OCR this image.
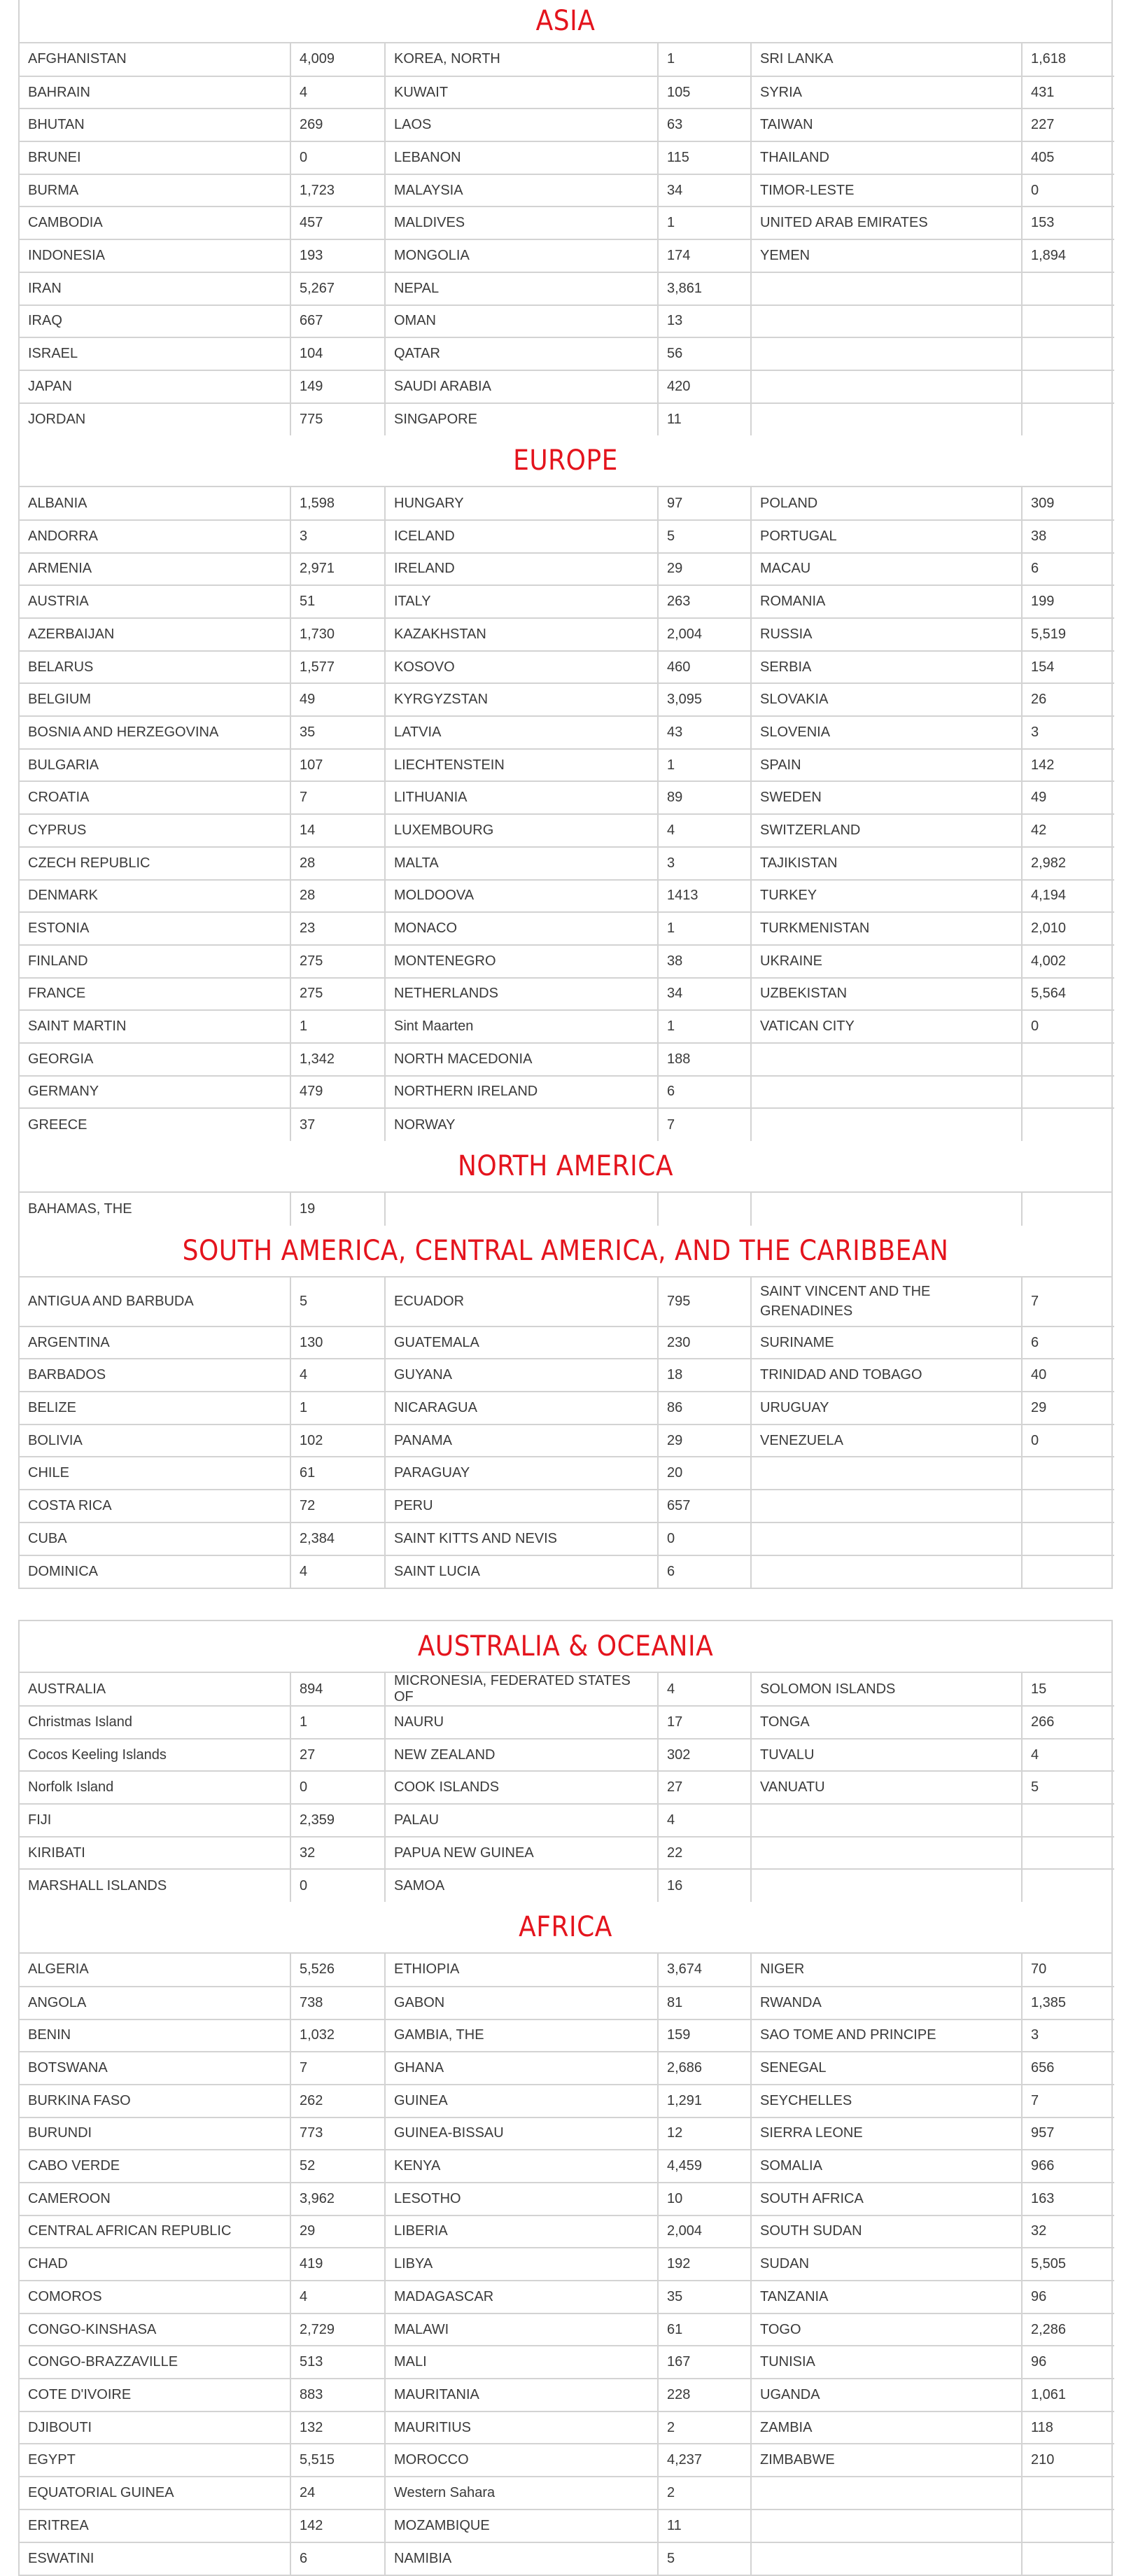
ASIA
AFGHANISTAN	4,009	KOREA, NORTH	1	SRI LANKA	1,618
BAHRAIN	4	KUWAIT	105	SYRIA	431
BHUTAN	269	LAOS	63	TAIWAN	227
BRUNEI	0	LEBANON	115	THAILAND	405
BURMA	1,723	MALAYSIA	34	TIMOR-LESTE	0
CAMBODIA	457	MALDIVES	1	UNITED ARAB EMIRATES	153
INDONESIA	193	MONGOLIA	174	YEMEN	1,894
IRAN	5,267	NEPAL	3,861		
IRAQ	667	OMAN	13		
ISRAEL	104	QATAR	56		
JAPAN	149	SAUDI ARABIA	420		
JORDAN	775	SINGAPORE	11		
EUROPE
ALBANIA	1,598	HUNGARY	97	POLAND	309
ANDORRA	3	ICELAND	5	PORTUGAL	38
ARMENIA	2,971	IRELAND	29	MACAU	6
AUSTRIA	51	ITALY	263	ROMANIA	199
AZERBAIJAN	1,730	KAZAKHSTAN	2,004	RUSSIA	5,519
BELARUS	1,577	KOSOVO	460	SERBIA	154
BELGIUM	49	KYRGYZSTAN	3,095	SLOVAKIA	26
BOSNIA AND HERZEGOVINA	35	LATVIA	43	SLOVENIA	3
BULGARIA	107	LIECHTENSTEIN	1	SPAIN	142
CROATIA	7	LITHUANIA	89	SWEDEN	49
CYPRUS	14	LUXEMBOURG	4	SWITZERLAND	42
CZECH REPUBLIC	28	MALTA	3	TAJIKISTAN	2,982
DENMARK	28	MOLDOOVA	1413	TURKEY	4,194
ESTONIA	23	MONACO	1	TURKMENISTAN	2,010
FINLAND	275	MONTENEGRO	38	UKRAINE	4,002
FRANCE	275	NETHERLANDS	34	UZBEKISTAN	5,564
SAINT MARTIN	1	Sint Maarten	1	VATICAN CITY	0
GEORGIA	1,342	NORTH MACEDONIA	188		
GERMANY	479	NORTHERN IRELAND	6		
GREECE	37	NORWAY	7		
NORTH AMERICA
BAHAMAS, THE	19				
SOUTH AMERICA, CENTRAL AMERICA, AND THE CARIBBEAN
ANTIGUA AND BARBUDA	5	ECUADOR	795	SAINT VINCENT AND THE GRENADINES	7
ARGENTINA	130	GUATEMALA	230	SURINAME	6
BARBADOS	4	GUYANA	18	TRINIDAD AND TOBAGO	40
BELIZE	1	NICARAGUA	86	URUGUAY	29
BOLIVIA	102	PANAMA	29	VENEZUELA	0
CHILE	61	PARAGUAY	20		
COSTA RICA	72	PERU	657		
CUBA	2,384	SAINT KITTS AND NEVIS	0		
DOMINICA	4	SAINT LUCIA	6		
AUSTRALIA & OCEANIA
AUSTRALIA	894	MICRONESIA, FEDERATED STATES OF	4	SOLOMON ISLANDS	15
Christmas Island	1	NAURU	17	TONGA	266
Cocos Keeling Islands	27	NEW ZEALAND	302	TUVALU	4
Norfolk Island	0	COOK ISLANDS	27	VANUATU	5
FIJI	2,359	PALAU	4		
KIRIBATI	32	PAPUA NEW GUINEA	22		
MARSHALL ISLANDS	0	SAMOA	16		
AFRICA
ALGERIA	5,526	ETHIOPIA	3,674	NIGER	70
ANGOLA	738	GABON	81	RWANDA	1,385
BENIN	1,032	GAMBIA, THE	159	SAO TOME AND PRINCIPE	3
BOTSWANA	7	GHANA	2,686	SENEGAL	656
BURKINA FASO	262	GUINEA	1,291	SEYCHELLES	7
BURUNDI	773	GUINEA-BISSAU	12	SIERRA LEONE	957
CABO VERDE	52	KENYA	4,459	SOMALIA	966
CAMEROON	3,962	LESOTHO	10	SOUTH AFRICA	163
CENTRAL AFRICAN REPUBLIC	29	LIBERIA	2,004	SOUTH SUDAN	32
CHAD	419	LIBYA	192	SUDAN	5,505
COMOROS	4	MADAGASCAR	35	TANZANIA	96
CONGO-KINSHASA	2,729	MALAWI	61	TOGO	2,286
CONGO-BRAZZAVILLE	513	MALI	167	TUNISIA	96
COTE D'IVOIRE	883	MAURITANIA	228	UGANDA	1,061
DJIBOUTI	132	MAURITIUS	2	ZAMBIA	118
EGYPT	5,515	MOROCCO	4,237	ZIMBABWE	210
EQUATORIAL GUINEA	24	Western Sahara	2		
ERITREA	142	MOZAMBIQUE	11		
ESWATINI	6	NAMIBIA	5		
